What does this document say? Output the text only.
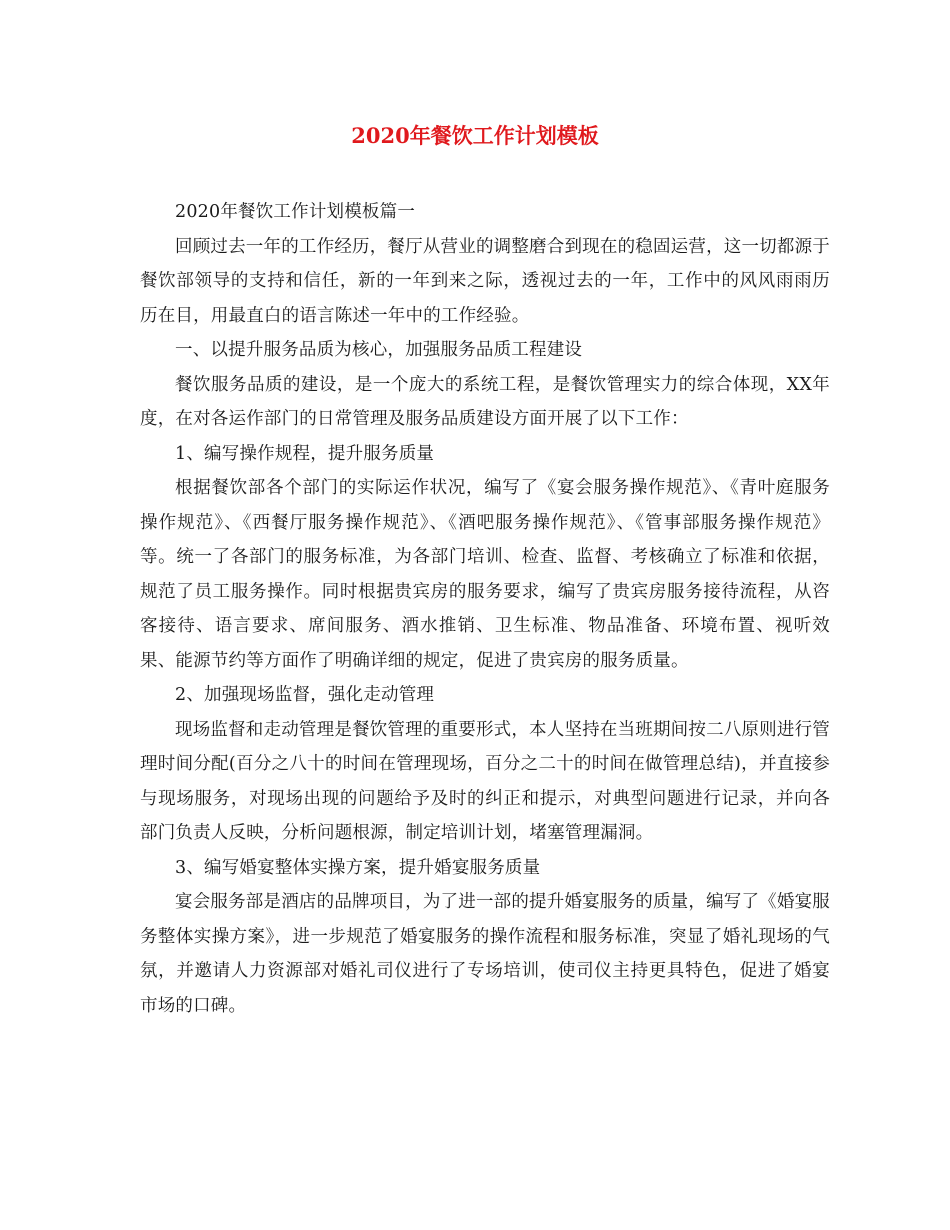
2020年餐饮工作计划模板

2020年餐饮工作计划模板篇一

回顾过去一年的工作经历，餐厅从营业的调整磨合到现在的稳固运营，这一切都源于餐饮部领导的支持和信任，新的一年到来之际，透视过去的一年，工作中的风风雨雨历历在目，用最直白的语言陈述一年中的工作经验。

一、以提升服务品质为核心，加强服务品质工程建设

餐饮服务品质的建设，是一个庞大的系统工程，是餐饮管理实力的综合体现，XX年度，在对各运作部门的日常管理及服务品质建设方面开展了以下工作：

1、编写操作规程，提升服务质量

根据餐饮部各个部门的实际运作状况，编写了《宴会服务操作规范》、《青叶庭服务操作规范》、《西餐厅服务操作规范》、《酒吧服务操作规范》、《管事部服务操作规范》等。统一了各部门的服务标准，为各部门培训、检查、监督、考核确立了标准和依据，规范了员工服务操作。同时根据贵宾房的服务要求，编写了贵宾房服务接待流程，从咨客接待、语言要求、席间服务、酒水推销、卫生标准、物品准备、环境布置、视听效果、能源节约等方面作了明确详细的规定，促进了贵宾房的服务质量。

2、加强现场监督，强化走动管理

现场监督和走动管理是餐饮管理的重要形式，本人坚持在当班期间按二八原则进行管理时间分配(百分之八十的时间在管理现场，百分之二十的时间在做管理总结)，并直接参与现场服务，对现场出现的问题给予及时的纠正和提示，对典型问题进行记录，并向各部门负责人反映，分析问题根源，制定培训计划，堵塞管理漏洞。

3、编写婚宴整体实操方案，提升婚宴服务质量

宴会服务部是酒店的品牌项目，为了进一部的提升婚宴服务的质量，编写了《婚宴服务整体实操方案》，进一步规范了婚宴服务的操作流程和服务标准，突显了婚礼现场的气氛，并邀请人力资源部对婚礼司仪进行了专场培训，使司仪主持更具特色，促进了婚宴市场的口碑。
